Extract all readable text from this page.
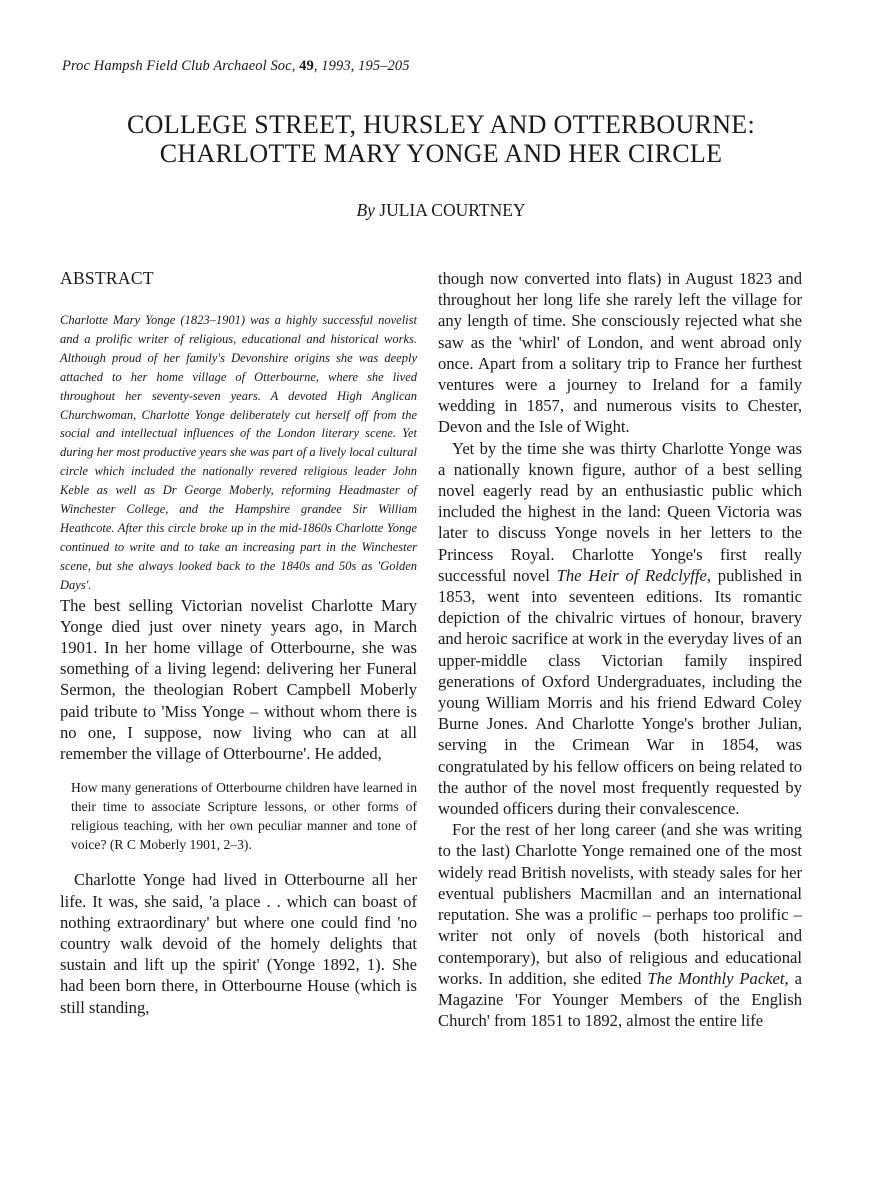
Proc Hampsh Field Club Archaeol Soc, 49, 1993, 195–205
COLLEGE STREET, HURSLEY AND OTTERBOURNE:
CHARLOTTE MARY YONGE AND HER CIRCLE
By JULIA COURTNEY
ABSTRACT

Charlotte Mary Yonge (1823–1901) was a highly successful novelist and a prolific writer of religious, educational and historical works. Although proud of her family's Devonshire origins she was deeply attached to her home village of Otterbourne, where she lived throughout her seventy-seven years. A devoted High Anglican Churchwoman, Charlotte Yonge deliberately cut herself off from the social and intellectual influences of the London literary scene. Yet during her most productive years she was part of a lively local cultural circle which included the nationally revered religious leader John Keble as well as Dr George Moberly, reforming Headmaster of Winchester College, and the Hampshire grandee Sir William Heathcote. After this circle broke up in the mid-1860s Charlotte Yonge continued to write and to take an increasing part in the Winchester scene, but she always looked back to the 1840s and 50s as 'Golden Days'.

The best selling Victorian novelist Charlotte Mary Yonge died just over ninety years ago, in March 1901. In her home village of Otterbourne, she was something of a living legend: delivering her Funeral Sermon, the theologian Robert Campbell Moberly paid tribute to 'Miss Yonge – without whom there is no one, I suppose, now living who can at all remember the village of Otterbourne'. He added,

How many generations of Otterbourne children have learned in their time to associate Scripture lessons, or other forms of religious teaching, with her own peculiar manner and tone of voice? (R C Moberly 1901, 2–3).

Charlotte Yonge had lived in Otterbourne all her life. It was, she said, 'a place . . which can boast of nothing extraordinary' but where one could find 'no country walk devoid of the homely delights that sustain and lift up the spirit' (Yonge 1892, 1). She had been born there, in Otterbourne House (which is still standing,

though now converted into flats) in August 1823 and throughout her long life she rarely left the village for any length of time. She consciously rejected what she saw as the 'whirl' of London, and went abroad only once. Apart from a solitary trip to France her furthest ventures were a journey to Ireland for a family wedding in 1857, and numerous visits to Chester, Devon and the Isle of Wight.

Yet by the time she was thirty Charlotte Yonge was a nationally known figure, author of a best selling novel eagerly read by an enthusiastic public which included the highest in the land: Queen Victoria was later to discuss Yonge novels in her letters to the Princess Royal. Charlotte Yonge's first really successful novel The Heir of Redclyffe, published in 1853, went into seventeen editions. Its romantic depiction of the chivalric virtues of honour, bravery and heroic sacrifice at work in the everyday lives of an upper-middle class Victorian family inspired generations of Oxford Undergraduates, including the young William Morris and his friend Edward Coley Burne Jones. And Charlotte Yonge's brother Julian, serving in the Crimean War in 1854, was congratulated by his fellow officers on being related to the author of the novel most frequently requested by wounded officers during their convalescence.

For the rest of her long career (and she was writing to the last) Charlotte Yonge remained one of the most widely read British novelists, with steady sales for her eventual publishers Macmillan and an international reputation. She was a prolific – perhaps too prolific – writer not only of novels (both historical and contemporary), but also of religious and educational works. In addition, she edited The Monthly Packet, a Magazine 'For Younger Members of the English Church' from 1851 to 1892, almost the entire life
